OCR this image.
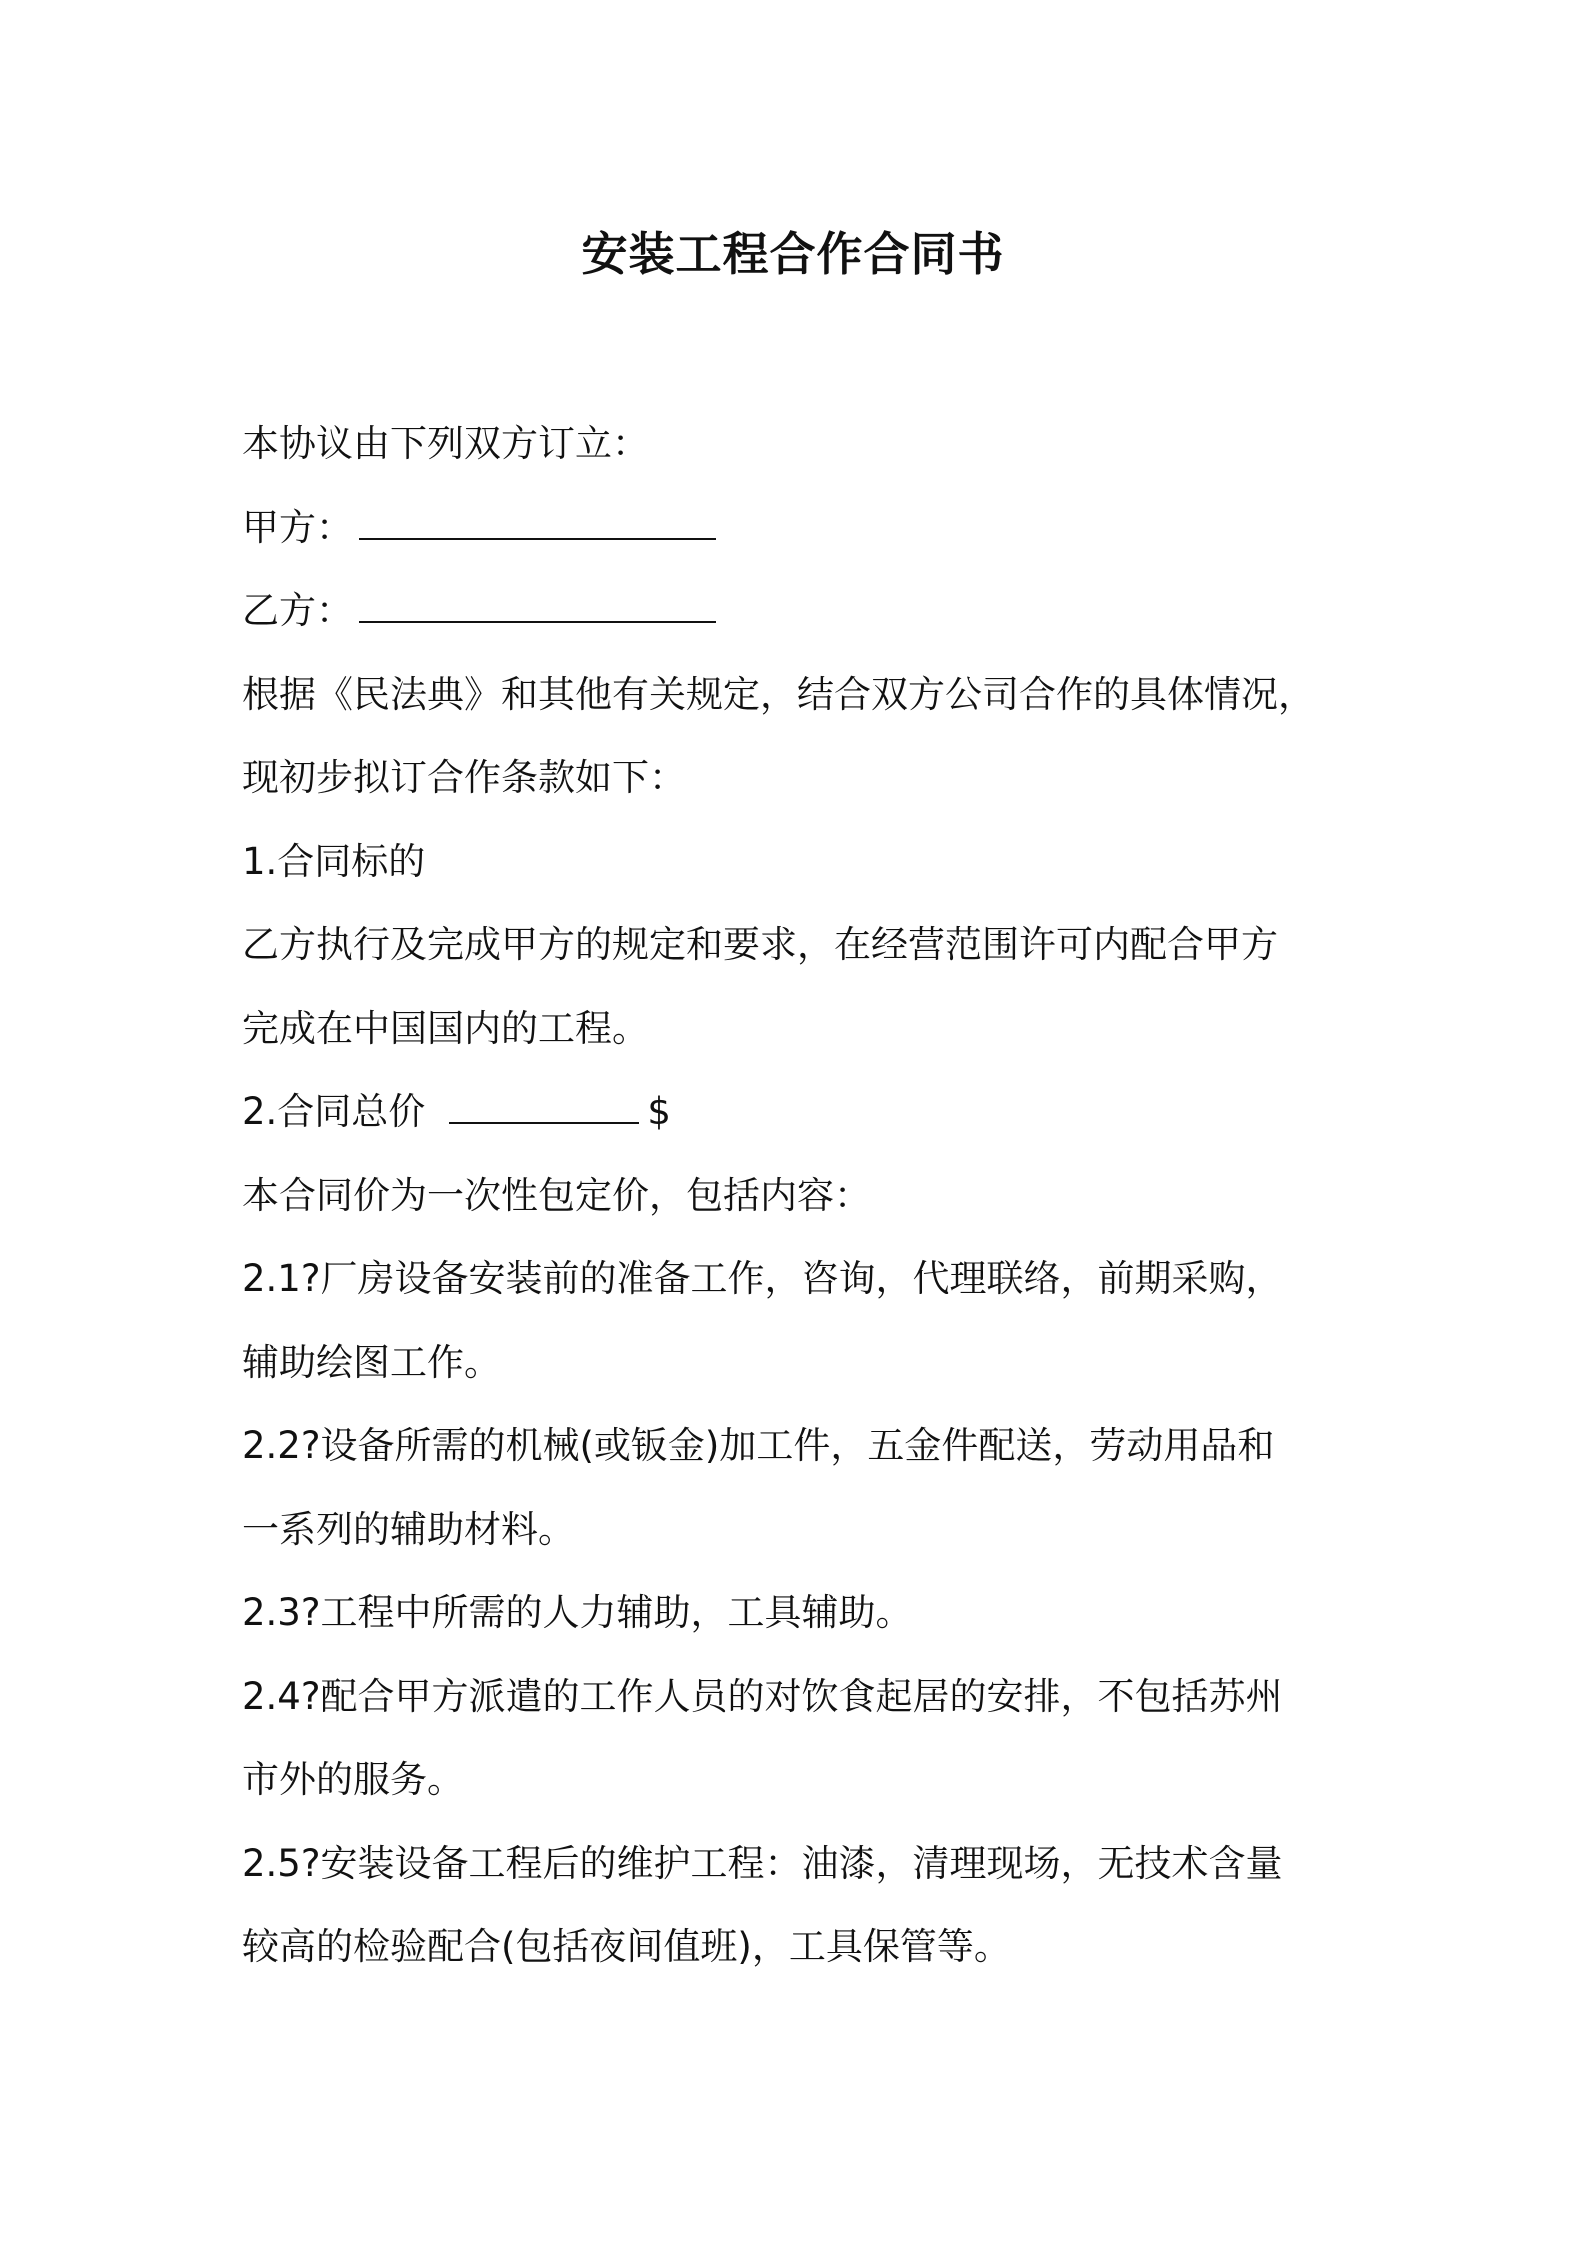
安装工程合作合同书
本协议由下列双方订立：
甲方：
乙方：
根据《民法典》和其他有关规定，结合双方公司合作的具体情况，
现初步拟订合作条款如下：
1.合同标的
乙方执行及完成甲方的规定和要求，在经营范围许可内配合甲方
完成在中国国内的工程。
2.合同总价	$
本合同价为一次性包定价，包括内容：
2.1?厂房设备安装前的准备工作，咨询，代理联络，前期采购，
辅助绘图工作。
2.2?设备所需的机械(或钣金)加工件，五金件配送，劳动用品和
一系列的辅助材料。
2.3?工程中所需的人力辅助，工具辅助。
2.4?配合甲方派遣的工作人员的对饮食起居的安排，不包括苏州
市外的服务。
2.5?安装设备工程后的维护工程：油漆，清理现场，无技术含量
较高的检验配合(包括夜间值班)，工具保管等。
